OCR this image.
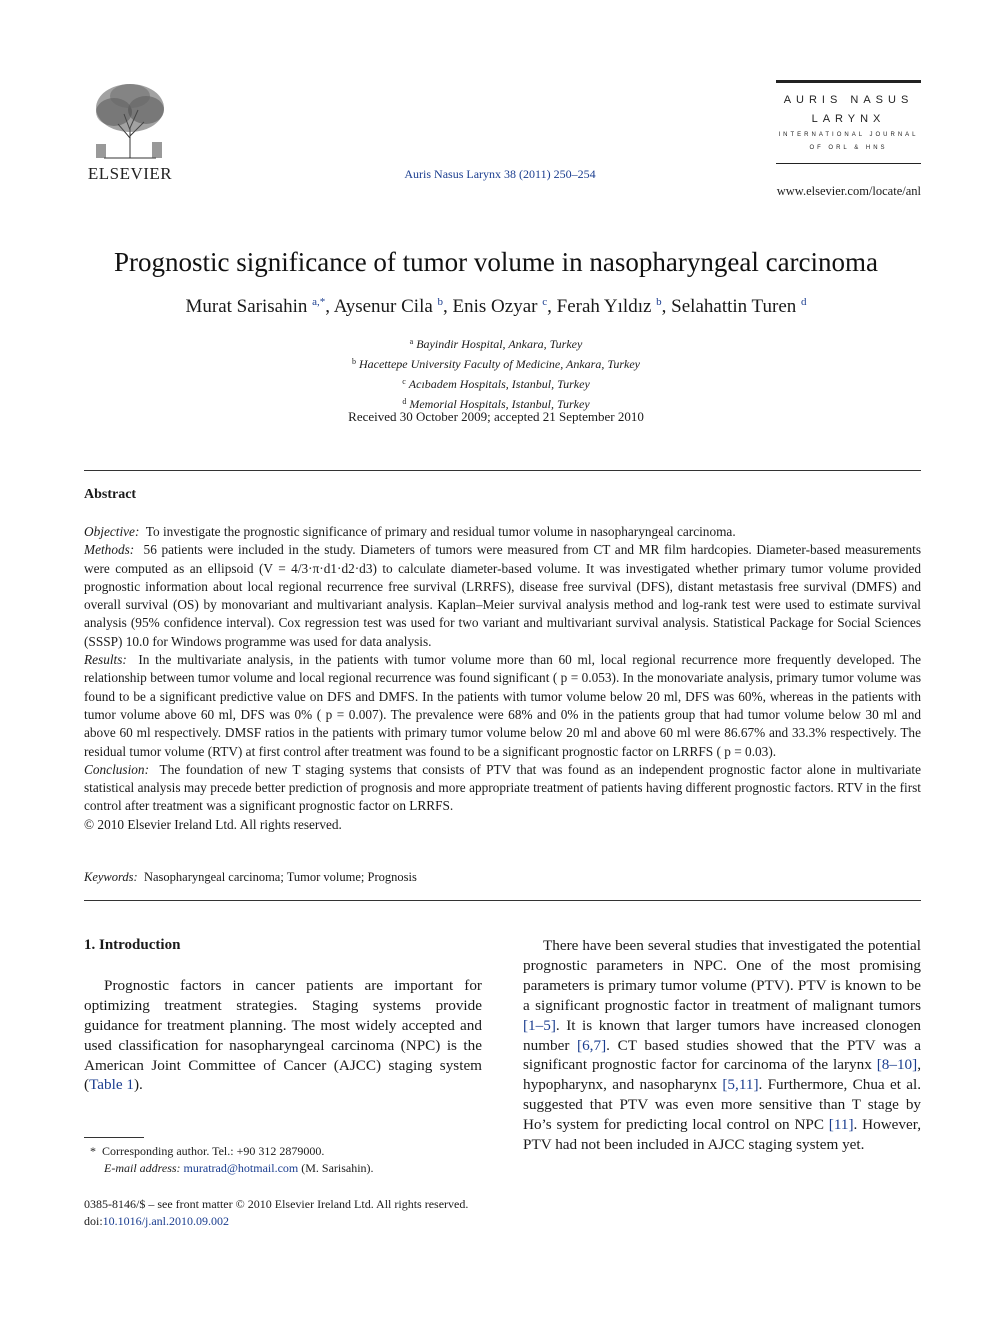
ELSEVIER	Auris Nasus Larynx 38 (2011) 250–254
AURIS NASUS
LARYNX
INTERNATIONAL JOURNAL
OF ORL & HNS
www.elsevier.com/locate/anl
Prognostic significance of tumor volume in nasopharyngeal carcinoma
Murat Sarisahin $^{a,*}$, Aysenur Cila $^b$, Enis Ozyar $^c$, Ferah Yıldız $^b$, Selahattin Turen $^d$
$^a$ Bayindir Hospital, Ankara, Turkey
$^b$ Hacettepe University Faculty of Medicine, Ankara, Turkey
$^c$ Acıbadem Hospitals, Istanbul, Turkey
$^d$ Memorial Hospitals, Istanbul, Turkey
Received 30 October 2009; accepted 21 September 2010
Abstract

Objective: To investigate the prognostic significance of primary and residual tumor volume in nasopharyngeal carcinoma.

Methods: 56 patients were included in the study. Diameters of tumors were measured from CT and MR film hardcopies. Diameter-based measurements were computed as an ellipsoid (V = 4/3·π·d1·d2·d3) to calculate diameter-based volume. It was investigated whether primary tumor volume provided prognostic information about local regional recurrence free survival (LRRFS), disease free survival (DFS), distant metastasis free survival (DMFS) and overall survival (OS) by monovariant and multivariant analysis. Kaplan–Meier survival analysis method and log-rank test were used to estimate survival analysis (95% confidence interval). Cox regression test was used for two variant and multivariant survival analysis. Statistical Package for Social Sciences (SSSP) 10.0 for Windows programme was used for data analysis.

Results: In the multivariate analysis, in the patients with tumor volume more than 60 ml, local regional recurrence more frequently developed. The relationship between tumor volume and local regional recurrence was found significant ( p = 0.053). In the monovariate analysis, primary tumor volume was found to be a significant predictive value on DFS and DMFS. In the patients with tumor volume below 20 ml, DFS was 60%, whereas in the patients with tumor volume above 60 ml, DFS was 0% ( p = 0.007). The prevalence were 68% and 0% in the patients group that had tumor volume below 30 ml and above 60 ml respectively. DMSF ratios in the patients with primary tumor volume below 20 ml and above 60 ml were 86.67% and 33.3% respectively. The residual tumor volume (RTV) at first control after treatment was found to be a significant prognostic factor on LRRFS ( p = 0.03).

Conclusion: The foundation of new T staging systems that consists of PTV that was found as an independent prognostic factor alone in multivariate statistical analysis may precede better prediction of prognosis and more appropriate treatment of patients having different prognostic factors. RTV in the first control after treatment was a significant prognostic factor on LRRFS.

© 2010 Elsevier Ireland Ltd. All rights reserved.

Keywords: Nasopharyngeal carcinoma; Tumor volume; Prognosis
1. Introduction

Prognostic factors in cancer patients are important for optimizing treatment strategies. Staging systems provide guidance for treatment planning. The most widely accepted and used classification for nasopharyngeal carcinoma (NPC) is the American Joint Committee of Cancer (AJCC) staging system (Table 1).

There have been several studies that investigated the potential prognostic parameters in NPC. One of the most promising parameters is primary tumor volume (PTV). PTV is known to be a significant prognostic factor in treatment of malignant tumors [1–5]. It is known that larger tumors have increased clonogen number [6,7]. CT based studies showed that the PTV was a significant prognostic factor for carcinoma of the larynx [8–10], hypopharynx, and nasopharynx [5,11]. Furthermore, Chua et al. suggested that PTV was even more sensitive than T stage by Ho’s system for predicting local control on NPC [11]. However, PTV had not been included in AJCC staging system yet.

* Corresponding author. Tel.: +90 312 2879000.
E-mail address: muratrad@hotmail.com (M. Sarisahin).
0385-8146/$ – see front matter © 2010 Elsevier Ireland Ltd. All rights reserved.
doi:10.1016/j.anl.2010.09.002
